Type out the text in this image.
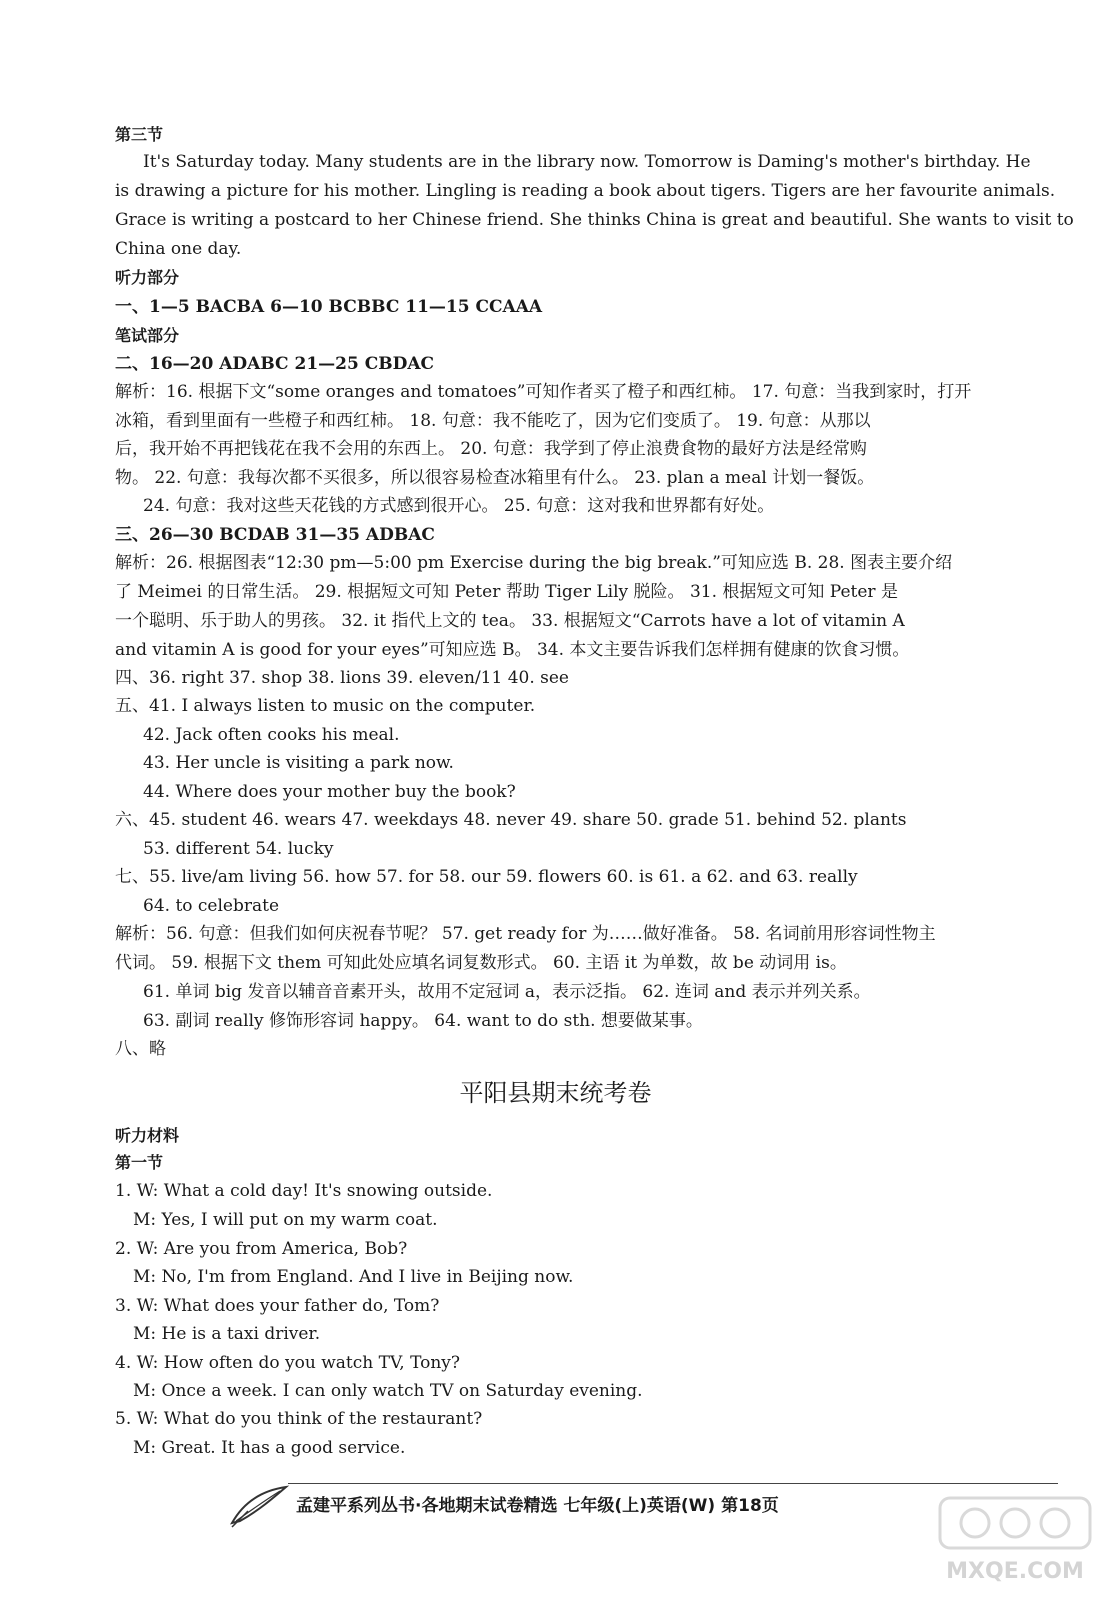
第三节
It's Saturday today. Many students are in the library now. Tomorrow is Daming's mother's birthday. He
is drawing a picture for his mother. Lingling is reading a book about tigers. Tigers are her favourite animals.
Grace is writing a postcard to her Chinese friend. She thinks China is great and beautiful. She wants to visit to
China one day.
听力部分
一、1—5 BACBA 6—10 BCBBC 11—15 CCAAA
笔试部分
二、16—20 ADABC 21—25 CBDAC
解析：16. 根据下文“some oranges and tomatoes”可知作者买了橙子和西红柿。 17. 句意：当我到家时，打开
冰箱，看到里面有一些橙子和西红柿。 18. 句意：我不能吃了，因为它们变质了。 19. 句意：从那以
后，我开始不再把钱花在我不会用的东西上。 20. 句意：我学到了停止浪费食物的最好方法是经常购
物。 22. 句意：我每次都不买很多，所以很容易检查冰箱里有什么。 23. plan a meal 计划一餐饭。
24. 句意：我对这些天花钱的方式感到很开心。 25. 句意：这对我和世界都有好处。
三、26—30 BCDAB 31—35 ADBAC
解析：26. 根据图表“12:30 pm—5:00 pm Exercise during the big break.”可知应选 B. 28. 图表主要介绍
了 Meimei 的日常生活。 29. 根据短文可知 Peter 帮助 Tiger Lily 脱险。 31. 根据短文可知 Peter 是
一个聪明、乐于助人的男孩。 32. it 指代上文的 tea。 33. 根据短文“Carrots have a lot of vitamin A
and vitamin A is good for your eyes”可知应选 B。 34. 本文主要告诉我们怎样拥有健康的饮食习惯。
四、36. right 37. shop 38. lions 39. eleven/11 40. see
五、41. I always listen to music on the computer.
42. Jack often cooks his meal.
43. Her uncle is visiting a park now.
44. Where does your mother buy the book?
六、45. student 46. wears 47. weekdays 48. never 49. share 50. grade 51. behind 52. plants
53. different 54. lucky
七、55. live/am living 56. how 57. for 58. our 59. flowers 60. is 61. a 62. and 63. really
64. to celebrate
解析：56. 句意：但我们如何庆祝春节呢？ 57. get ready for 为……做好准备。 58. 名词前用形容词性物主
代词。 59. 根据下文 them 可知此处应填名词复数形式。 60. 主语 it 为单数，故 be 动词用 is。
61. 单词 big 发音以辅音音素开头，故用不定冠词 a，表示泛指。 62. 连词 and 表示并列关系。
63. 副词 really 修饰形容词 happy。 64. want to do sth. 想要做某事。
八、略
平阳县期末统考卷
听力材料
第一节
1. W: What a cold day! It's snowing outside.
M: Yes, I will put on my warm coat.
2. W: Are you from America, Bob?
M: No, I'm from England. And I live in Beijing now.
3. W: What does your father do, Tom?
M: He is a taxi driver.
4. W: How often do you watch TV, Tony?
M: Once a week. I can only watch TV on Saturday evening.
5. W: What do you think of the restaurant?
M: Great. It has a good service.
孟建平系列丛书·各地期末试卷精选 七年级(上)英语(W) 第18页
MXQE.COM
